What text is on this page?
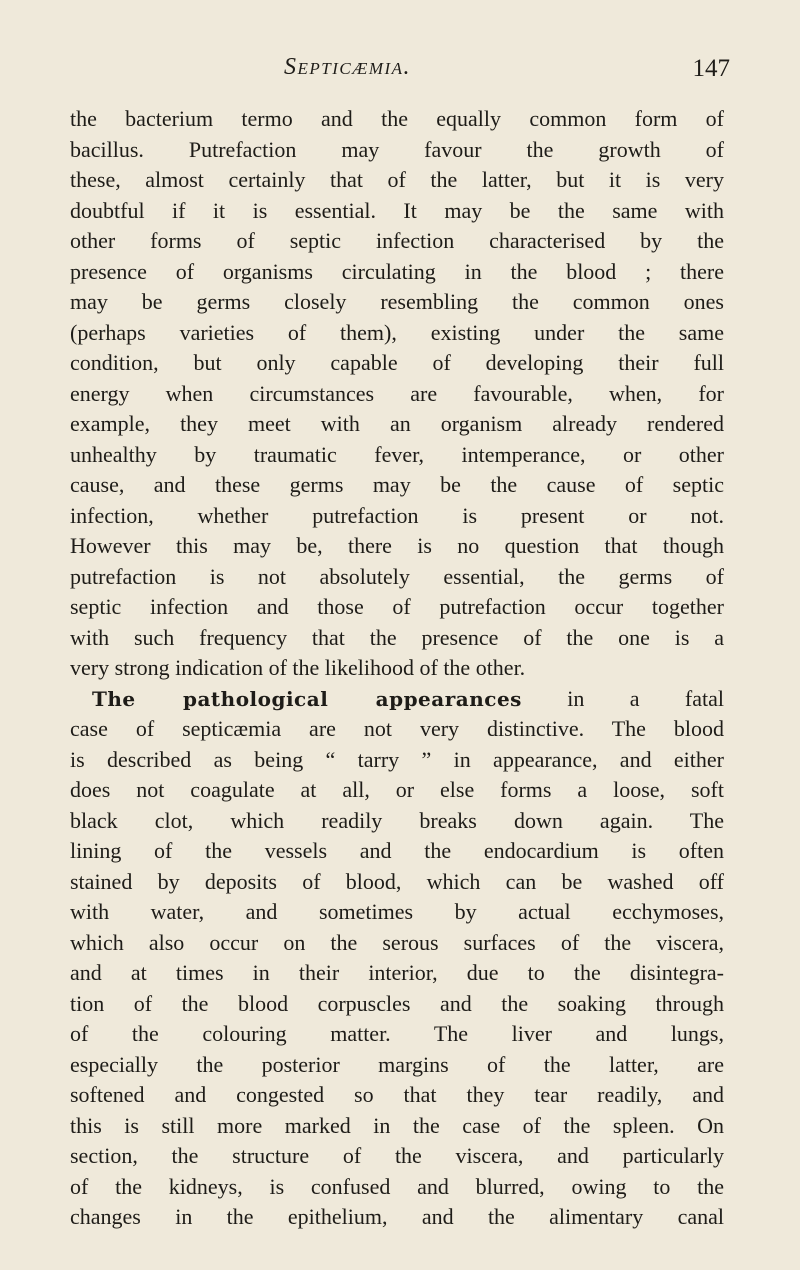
Septicæmia.	147
the bacterium termo and the equally common form of
bacillus. Putrefaction may favour the growth of
these, almost certainly that of the latter, but it is very
doubtful if it is essential. It may be the same with
other forms of septic infection characterised by the
presence of organisms circulating in the blood ; there
may be germs closely resembling the common ones
(perhaps varieties of them), existing under the same
condition, but only capable of developing their full
energy when circumstances are favourable, when, for
example, they meet with an organism already rendered
unhealthy by traumatic fever, intemperance, or other
cause, and these germs may be the cause of septic
infection, whether putrefaction is present or not.
However this may be, there is no question that though
putrefaction is not absolutely essential, the germs of
septic infection and those of putrefaction occur together
with such frequency that the presence of the one is a
very strong indication of the likelihood of the other.
The pathological appearances in a fatal
case of septicæmia are not very distinctive. The blood
is described as being “ tarry ” in appearance, and either
does not coagulate at all, or else forms a loose, soft
black clot, which readily breaks down again. The
lining of the vessels and the endocardium is often
stained by deposits of blood, which can be washed off
with water, and sometimes by actual ecchymoses,
which also occur on the serous surfaces of the viscera,
and at times in their interior, due to the disintegra-
tion of the blood corpuscles and the soaking through
of the colouring matter. The liver and lungs,
especially the posterior margins of the latter, are
softened and congested so that they tear readily, and
this is still more marked in the case of the spleen. On
section, the structure of the viscera, and particularly
of the kidneys, is confused and blurred, owing to the
changes in the epithelium, and the alimentary canal
